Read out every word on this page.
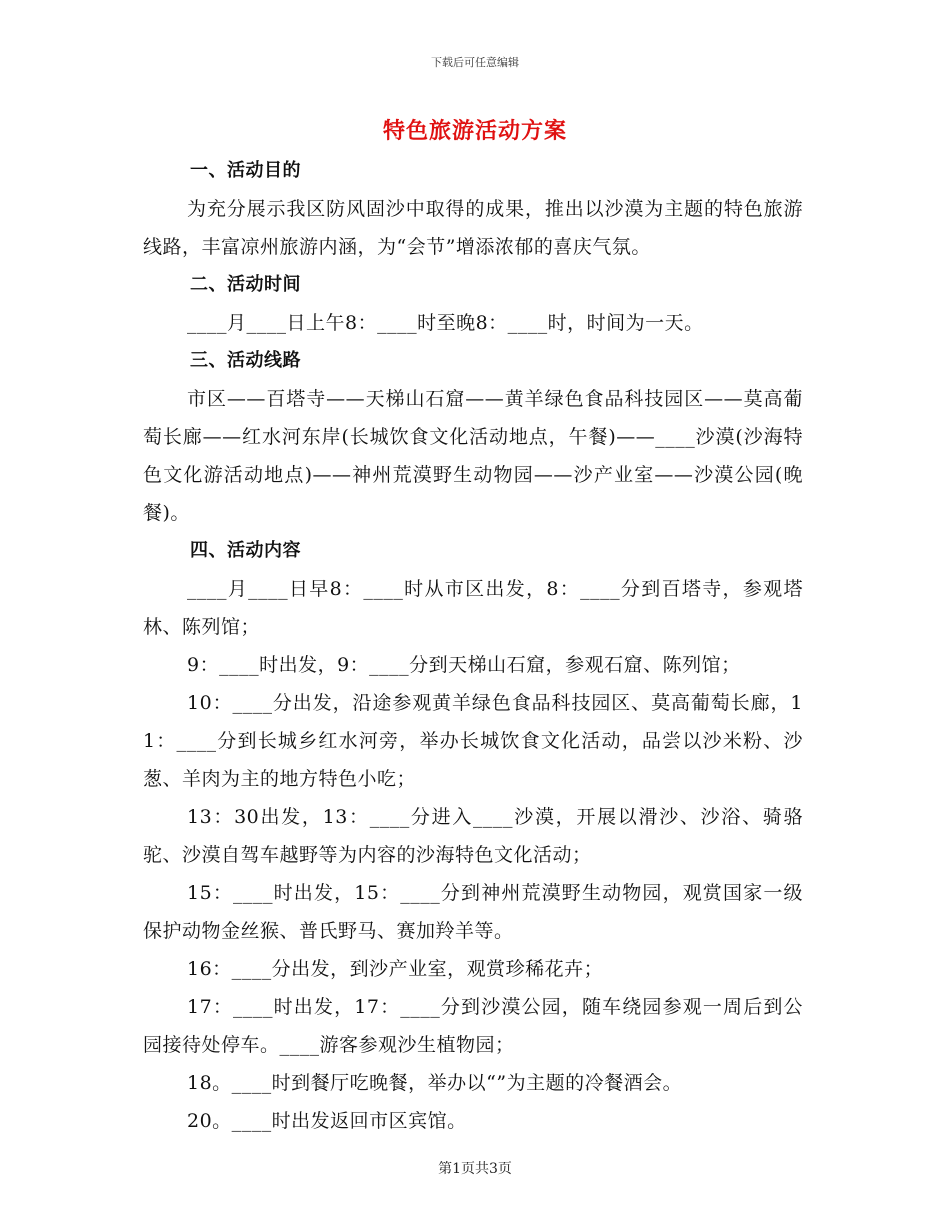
下载后可任意编辑
特色旅游活动方案

一、活动目的

为充分展示我区防风固沙中取得的成果，推出以沙漠为主题的特色旅游线路，丰富凉州旅游内涵，为“会节”增添浓郁的喜庆气氛。

二、活动时间

____月____日上午8：____时至晚8：____时，时间为一天。

三、活动线路

市区——百塔寺——天梯山石窟——黄羊绿色食品科技园区——莫高葡萄长廊——红水河东岸(长城饮食文化活动地点，午餐)——____沙漠(沙海特色文化游活动地点)——神州荒漠野生动物园——沙产业室——沙漠公园(晚餐)。

四、活动内容

____月____日早8：____时从市区出发，8：____分到百塔寺，参观塔林、陈列馆；

9：____时出发，9：____分到天梯山石窟，参观石窟、陈列馆；

10：____分出发，沿途参观黄羊绿色食品科技园区、莫高葡萄长廊，11：____分到长城乡红水河旁，举办长城饮食文化活动，品尝以沙米粉、沙葱、羊肉为主的地方特色小吃；

13：30出发，13：____分进入____沙漠，开展以滑沙、沙浴、骑骆驼、沙漠自驾车越野等为内容的沙海特色文化活动；

15：____时出发，15：____分到神州荒漠野生动物园，观赏国家一级保护动物金丝猴、普氏野马、赛加羚羊等。

16：____分出发，到沙产业室，观赏珍稀花卉；

17：____时出发，17：____分到沙漠公园，随车绕园参观一周后到公园接待处停车。____游客参观沙生植物园；

18。____时到餐厅吃晚餐，举办以“”为主题的冷餐酒会。

20。____时出发返回市区宾馆。

第1页共3页
